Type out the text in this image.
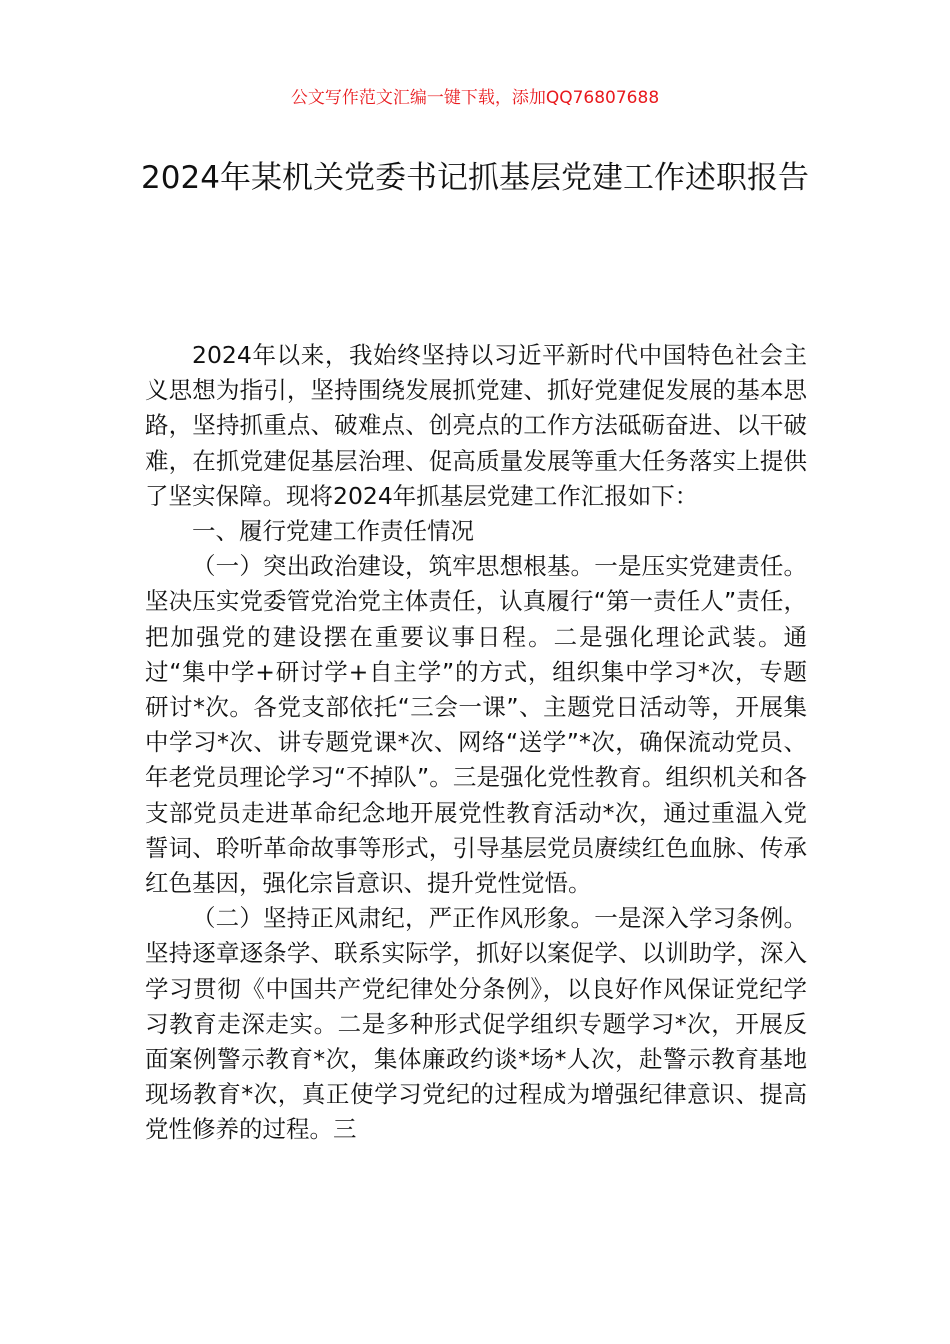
公文写作范文汇编一键下载，添加QQ76807688
2024年某机关党委书记抓基层党建工作述职报告

2024年以来，我始终坚持以习近平新时代中国特色社会主义思想为指引，坚持围绕发展抓党建、抓好党建促发展的基本思路，坚持抓重点、破难点、创亮点的工作方法砥砺奋进、以干破难，在抓党建促基层治理、促高质量发展等重大任务落实上提供了坚实保障。现将2024年抓基层党建工作汇报如下：

一、履行党建工作责任情况

（一）突出政治建设，筑牢思想根基。一是压实党建责任。坚决压实党委管党治党主体责任，认真履行“第一责任人”责任，把加强党的建设摆在重要议事日程。二是强化理论武装。通过“集中学+研讨学+自主学”的方式，组织集中学习*次，专题研讨*次。各党支部依托“三会一课”、主题党日活动等，开展集中学习*次、讲专题党课*次、网络“送学”*次，确保流动党员、年老党员理论学习“不掉队”。三是强化党性教育。组织机关和各支部党员走进革命纪念地开展党性教育活动*次，通过重温入党誓词、聆听革命故事等形式，引导基层党员赓续红色血脉、传承红色基因，强化宗旨意识、提升党性觉悟。

（二）坚持正风肃纪，严正作风形象。一是深入学习条例。坚持逐章逐条学、联系实际学，抓好以案促学、以训助学，深入学习贯彻《中国共产党纪律处分条例》，以良好作风保证党纪学习教育走深走实。二是多种形式促学组织专题学习*次，开展反面案例警示教育*次，集体廉政约谈*场*人次，赴警示教育基地现场教育*次，真正使学习党纪的过程成为增强纪律意识、提高党性修养的过程。三
